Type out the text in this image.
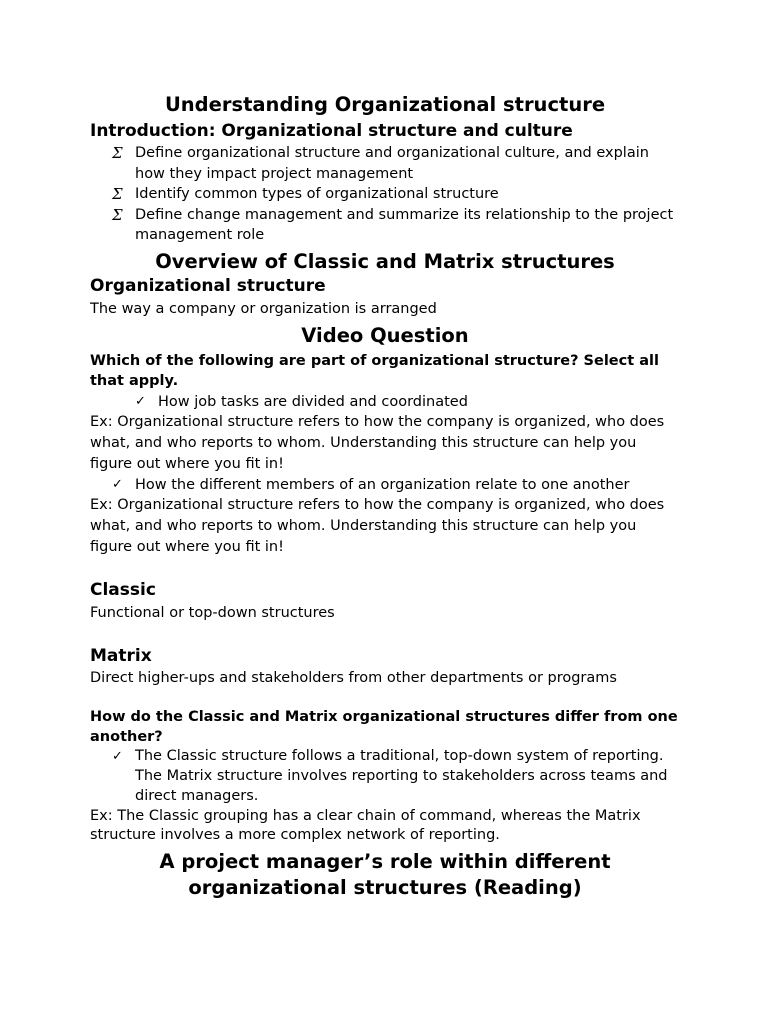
Understanding Organizational structure
Introduction: Organizational structure and culture
Σ Define organizational structure and organizational culture, and explain how they impact project management
Σ Identify common types of organizational structure
Σ Define change management and summarize its relationship to the project management role
Overview of Classic and Matrix structures
Organizational structure

The way a company or organization is arranged

Video Question

Which of the following are part of organizational structure? Select all that apply.

✓ How job tasks are divided and coordinated

Ex: Organizational structure refers to how the company is organized, who does what, and who reports to whom. Understanding this structure can help you figure out where you fit in!

✓ How the different members of an organization relate to one another

Ex: Organizational structure refers to how the company is organized, who does what, and who reports to whom. Understanding this structure can help you figure out where you fit in!

Classic

Functional or top-down structures

Matrix

Direct higher-ups and stakeholders from other departments or programs

How do the Classic and Matrix organizational structures differ from one another?

✓ The Classic structure follows a traditional, top-down system of reporting. The Matrix structure involves reporting to stakeholders across teams and direct managers.

Ex: The Classic grouping has a clear chain of command, whereas the Matrix structure involves a more complex network of reporting.

A project manager’s role within different organizational structures (Reading)
